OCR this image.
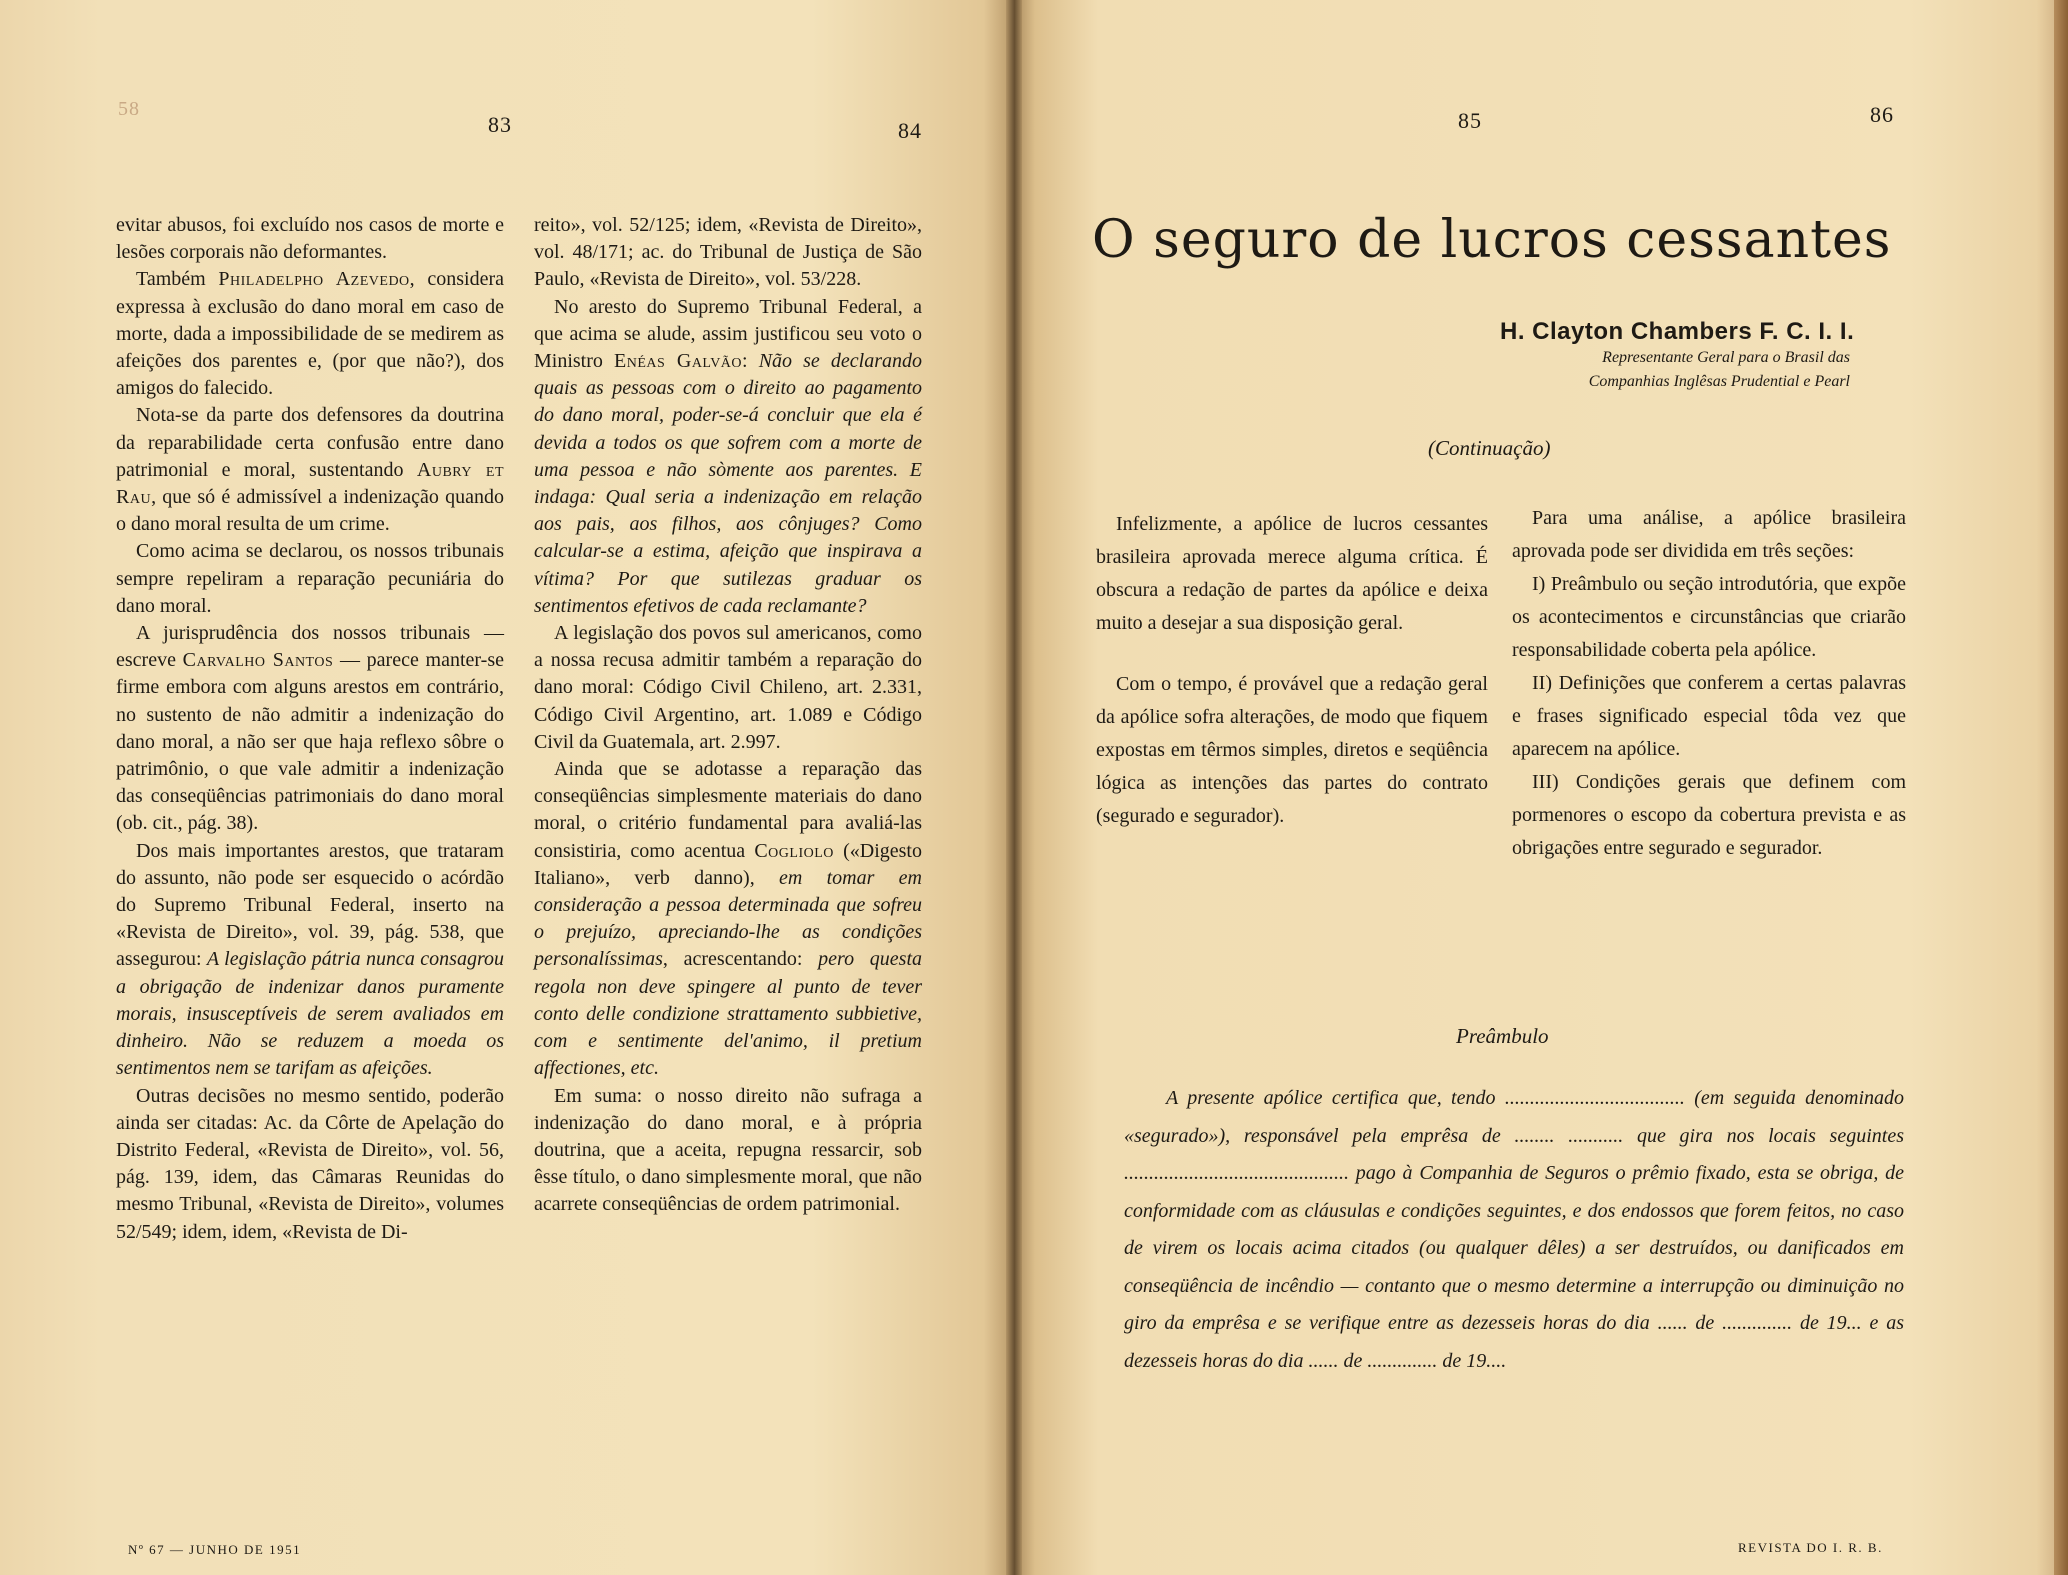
58
83	84	85	86

evitar abusos, foi excluído nos casos de morte e lesões corporais não deformantes.

Também Philadelpho Azevedo, considera expressa à exclusão do dano moral em caso de morte, dada a impossibilidade de se medirem as afeições dos parentes e, (por que não?), dos amigos do falecido.

Nota-se da parte dos defensores da doutrina da reparabilidade certa confusão entre dano patrimonial e moral, sustentando Aubry et Rau, que só é admissível a indenização quando o dano moral resulta de um crime.

Como acima se declarou, os nossos tribunais sempre repeliram a reparação pecuniária do dano moral.

A jurisprudência dos nossos tribunais — escreve Carvalho Santos — parece manter-se firme embora com alguns arestos em contrário, no sustento de não admitir a indenização do dano moral, a não ser que haja reflexo sôbre o patrimônio, o que vale admitir a indenização das conseqüências patrimoniais do dano moral (ob. cit., pág. 38).

Dos mais importantes arestos, que trataram do assunto, não pode ser esquecido o acórdão do Supremo Tribunal Federal, inserto na «Revista de Direito», vol. 39, pág. 538, que assegurou: A legislação pátria nunca consagrou a obrigação de indenizar danos puramente morais, insusceptíveis de serem avaliados em dinheiro. Não se reduzem a moeda os sentimentos nem se tarifam as afeições.

Outras decisões no mesmo sentido, poderão ainda ser citadas: Ac. da Côrte de Apelação do Distrito Federal, «Revista de Direito», vol. 56, pág. 139, idem, das Câmaras Reunidas do mesmo Tribunal, «Revista de Direito», volumes 52/549; idem, idem, «Revista de Di-

reito», vol. 52/125; idem, «Revista de Direito», vol. 48/171; ac. do Tribunal de Justiça de São Paulo, «Revista de Direito», vol. 53/228.

No aresto do Supremo Tribunal Federal, a que acima se alude, assim justificou seu voto o Ministro Enéas Galvão: Não se declarando quais as pessoas com o direito ao pagamento do dano moral, poder-se-á concluir que ela é devida a todos os que sofrem com a morte de uma pessoa e não sòmente aos parentes. E indaga: Qual seria a indenização em relação aos pais, aos filhos, aos cônjuges? Como calcular-se a estima, afeição que inspirava a vítima? Por que sutilezas graduar os sentimentos efetivos de cada reclamante?

A legislação dos povos sul americanos, como a nossa recusa admitir também a reparação do dano moral: Código Civil Chileno, art. 2.331, Código Civil Argentino, art. 1.089 e Código Civil da Guatemala, art. 2.997.

Ainda que se adotasse a reparação das conseqüências simplesmente materiais do dano moral, o critério fundamental para avaliá-las consistiria, como acentua Cogliolo («Digesto Italiano», verb danno), em tomar em consideração a pessoa determinada que sofreu o prejuízo, apreciando-lhe as condições personalíssimas, acrescentando: pero questa regola non deve spingere al punto de tever conto delle condizione strattamento subbietive, com e sentimente del'animo, il pretium affectiones, etc.

Em suma: o nosso direito não sufraga a indenização do dano moral, e à própria doutrina, que a aceita, repugna ressarcir, sob êsse título, o dano simplesmente moral, que não acarrete conseqüências de ordem patrimonial.

Nº 67 — JUNHO DE 1951	REVISTA DO I. R. B.
O seguro de lucros cessantes
H. Clayton Chambers F. C. I. I.
Representante Geral para o Brasil das
Companhias Inglêsas Prudential e Pearl
(Continuação)

Infelizmente, a apólice de lucros cessantes brasileira aprovada merece alguma crítica. É obscura a redação de partes da apólice e deixa muito a desejar a sua disposição geral.

Com o tempo, é provável que a redação geral da apólice sofra alterações, de modo que fiquem expostas em têrmos simples, diretos e seqüência lógica as intenções das partes do contrato (segurado e segurador).

Para uma análise, a apólice brasileira aprovada pode ser dividida em três seções:

I) Preâmbulo ou seção introdutória, que expõe os acontecimentos e circunstâncias que criarão responsabilidade coberta pela apólice.

II) Definições que conferem a certas palavras e frases significado especial tôda vez que aparecem na apólice.

III) Condições gerais que definem com pormenores o escopo da cobertura prevista e as obrigações entre segurado e segurador.

Preâmbulo

A presente apólice certifica que, tendo .................................... (em seguida denominado «segurado»), responsável pela emprêsa de ........ ........... que gira nos locais seguintes ............................................. pago à Companhia de Seguros o prêmio fixado, esta se obriga, de conformidade com as cláusulas e condições seguintes, e dos endossos que forem feitos, no caso de virem os locais acima citados (ou qualquer dêles) a ser destruídos, ou danificados em conseqüência de incêndio — contanto que o mesmo determine a interrupção ou diminuição no giro da emprêsa e se verifique entre as dezesseis horas do dia ...... de .............. de 19... e as dezesseis horas do dia ...... de .............. de 19....
